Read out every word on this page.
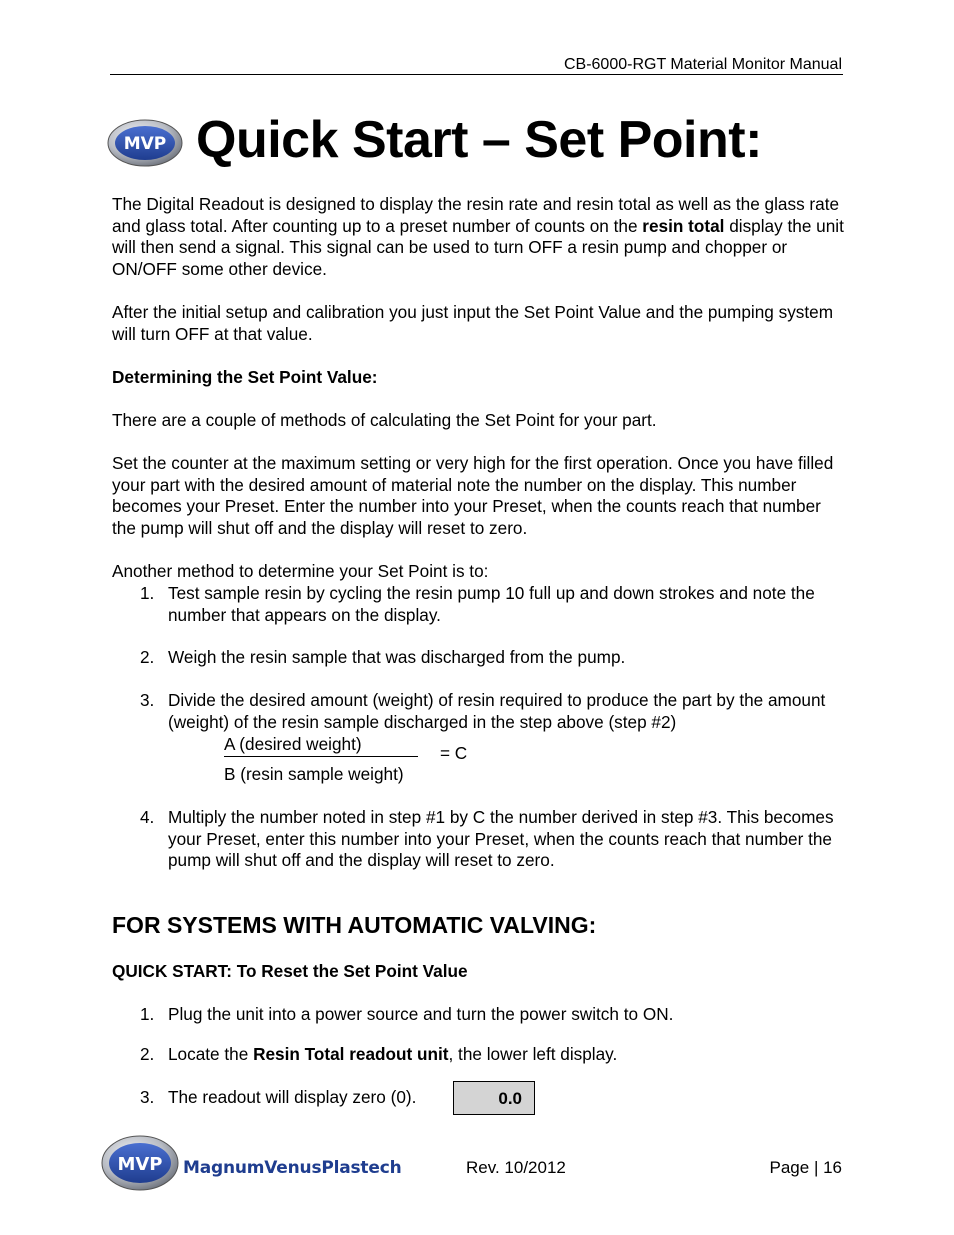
CB-6000-RGT Material Monitor Manual
MVP Quick Start – Set Point:
The Digital Readout is designed to display the resin rate and resin total as well as the glass rate and glass total. After counting up to a preset number of counts on the resin total display the unit will then send a signal. This signal can be used to turn OFF a resin pump and chopper or ON/OFF some other device.
After the initial setup and calibration you just input the Set Point Value and the pumping system will turn OFF at that value.
Determining the Set Point Value:
There are a couple of methods of calculating the Set Point for your part.
Set the counter at the maximum setting or very high for the first operation. Once you have filled your part with the desired amount of material note the number on the display. This number becomes your Preset. Enter the number into your Preset, when the counts reach that number the pump will shut off and the display will reset to zero.
Another method to determine your Set Point is to:
1. Test sample resin by cycling the resin pump 10 full up and down strokes and note the number that appears on the display.
2. Weigh the resin sample that was discharged from the pump.
3. Divide the desired amount (weight) of resin required to produce the part by the amount (weight) of the resin sample discharged in the step above (step #2)
A (desired weight)	= C
B (resin sample weight)
4. Multiply the number noted in step #1 by C the number derived in step #3. This becomes your Preset, enter this number into your Preset, when the counts reach that number the pump will shut off and the display will reset to zero.
FOR SYSTEMS WITH AUTOMATIC VALVING:
QUICK START: To Reset the Set Point Value
1. Plug the unit into a power source and turn the power switch to ON.
2. Locate the Resin Total readout unit, the lower left display.
3. The readout will display zero (0).	0.0
MVP MagnumVenusPlastech	Rev. 10/2012	Page | 16
